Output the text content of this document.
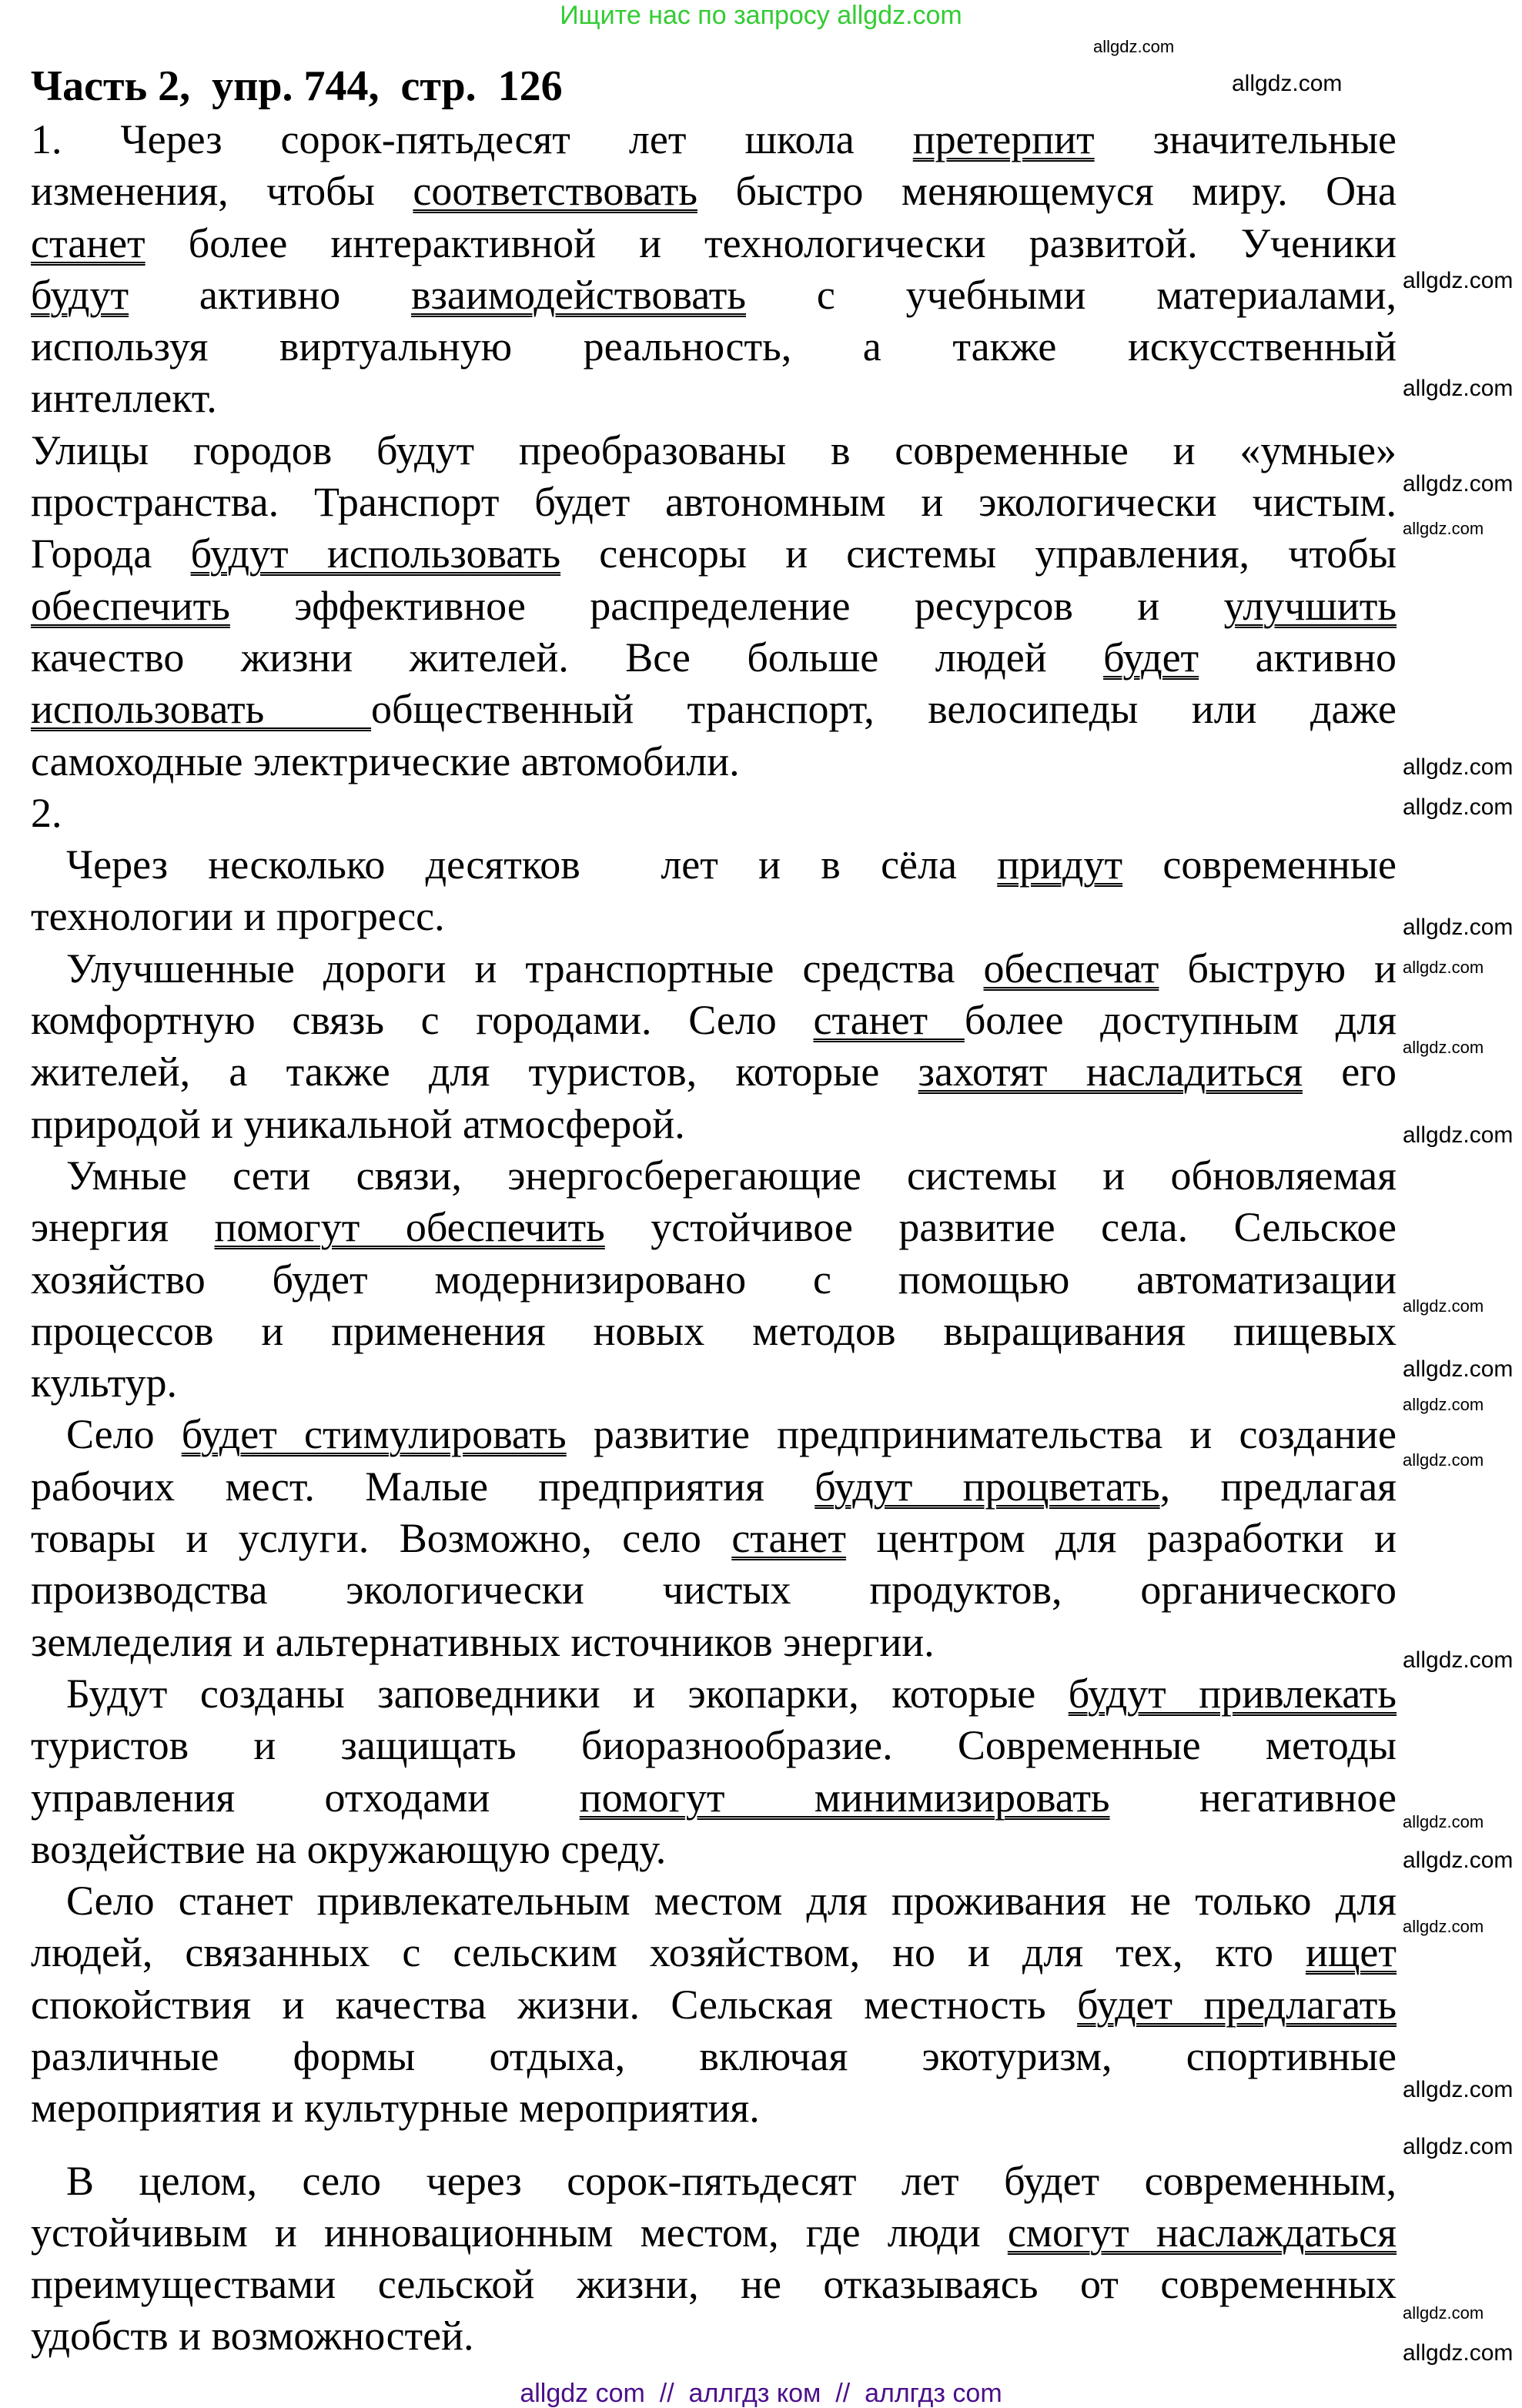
Ищите нас по запросу allgdz.com
Часть 2,  упр. 744,  стр.  126
1. Через сорок-пятьдесят лет школа претерпит значительные
изменения, чтобы соответствовать быстро меняющемуся миру. Она
станет более интерактивной и технологически развитой. Ученики
будут активно взаимодействовать с учебными материалами,
используя виртуальную реальность, а также искусственный
интеллект.
Улицы городов будут преобразованы в современные и «умные»
пространства. Транспорт будет автономным и экологически чистым.
Города будут использовать сенсоры и системы управления, чтобы
обеспечить эффективное распределение ресурсов и улучшить
качество жизни жителей. Все больше людей будет активно
использовать  общественный транспорт, велосипеды или даже
самоходные электрические автомобили.
2.
Через несколько десятков  лет и в сёла придут современные
технологии и прогресс.
Улучшенные дороги и транспортные средства обеспечат быструю и
комфортную связь с городами. Село станет более доступным для
жителей, а также для туристов, которые захотят насладиться его
природой и уникальной атмосферой.
Умные сети связи, энергосберегающие системы и обновляемая
энергия помогут обеспечить устойчивое развитие села. Сельское
хозяйство будет модернизировано с помощью автоматизации
процессов и применения новых методов выращивания пищевых
культур.
Село будет стимулировать развитие предпринимательства и создание
рабочих мест. Малые предприятия будут процветать, предлагая
товары и услуги. Возможно, село станет центром для разработки и
производства экологически чистых продуктов, органического
земледелия и альтернативных источников энергии.
Будут созданы заповедники и экопарки, которые будут привлекать
туристов и защищать биоразнообразие. Современные методы
управления отходами помогут минимизировать негативное
воздействие на окружающую среду.
Село станет привлекательным местом для проживания не только для
людей, связанных с сельским хозяйством, но и для тех, кто ищет
спокойствия и качества жизни. Сельская местность будет предлагать
различные формы отдыха, включая экотуризм, спортивные
мероприятия и культурные мероприятия.
В целом, село через сорок-пятьдесят лет будет современным,
устойчивым и инновационным местом, где люди смогут наслаждаться
преимуществами сельской жизни, не отказываясь от современных
удобств и возможностей.
allgdz.com
allgdz.com
allgdz.com
allgdz.com
allgdz.com
allgdz.com
allgdz.com
allgdz.com
allgdz.com
allgdz.com
allgdz.com
allgdz.com
allgdz.com
allgdz.com
allgdz.com
allgdz.com
allgdz.com
allgdz.com
allgdz.com
allgdz.com
allgdz.com
allgdz.com
allgdz.com
allgdz.com
allgdz com  //  аллгдз ком  //  аллгдз com
